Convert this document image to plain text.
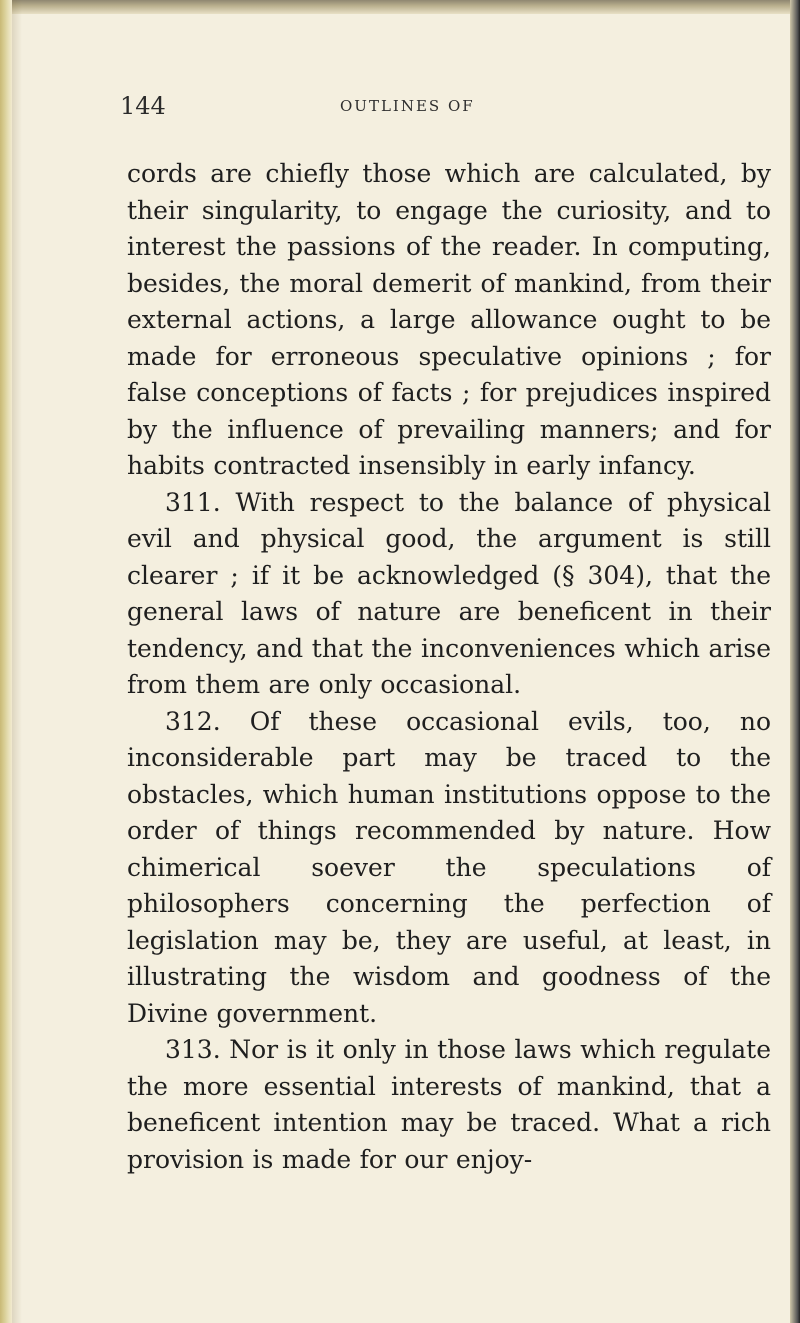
144	OUTLINES OF

cords are chiefly those which are calculated, by their singularity, to engage the curiosity, and to interest the passions of the reader. In computing, besides, the moral demerit of mankind, from their external actions, a large allowance ought to be made for erroneous speculative opinions ; for false conceptions of facts ; for prejudices inspired by the influence of prevailing manners; and for habits contracted insensibly in early infancy.

311. With respect to the balance of physical evil and physical good, the argument is still clearer ; if it be acknowledged (§ 304), that the general laws of nature are beneficent in their tendency, and that the inconveniences which arise from them are only occasional.

312. Of these occasional evils, too, no inconsiderable part may be traced to the obstacles, which human institutions oppose to the order of things recommended by nature. How chimerical soever the speculations of philosophers concerning the perfection of legislation may be, they are useful, at least, in illustrating the wisdom and goodness of the Divine government.

313. Nor is it only in those laws which regulate the more essential interests of mankind, that a beneficent intention may be traced. What a rich provision is made for our enjoy-
